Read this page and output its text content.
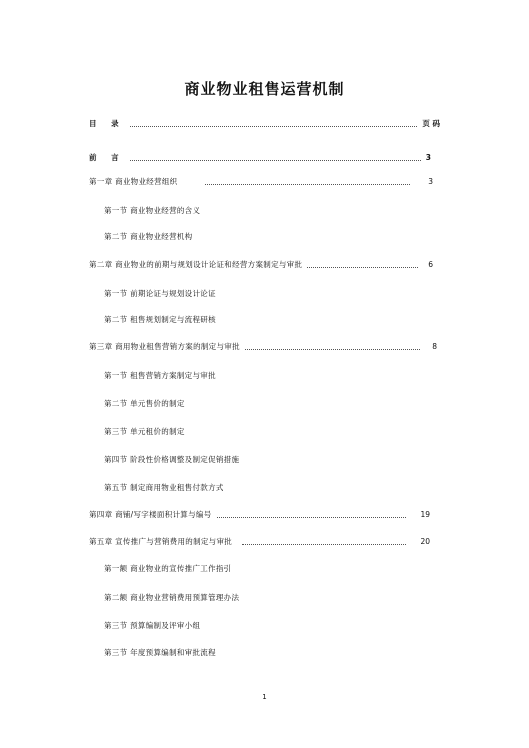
商业物业租售运营机制
目 录	页 码
前 言	3
第一章 商业物业经营组织	3
第一节 商业物业经营的含义
第二节 商业物业经营机构
第二章 商业物业的前期与规划设计论证和经营方案制定与审批	6
第一节 前期论证与规划设计论证
第二节 租售规划制定与流程研核
第三章 商用物业租售营销方案的制定与审批	8
第一节 租售营销方案制定与审批
第二节 单元售价的制定
第三节 单元租价的制定
第四节 阶段性价格调整及制定促销措施
第五节 制定商用物业租售付款方式
第四章 商铺/写字楼面积计算与编号	19
第五章 宣传推广与营销费用的制定与审批	20
第一额 商业物业的宣传推广工作指引
第二额 商业物业营销费用预算管理办法
第三节 预算编制及评审小组
第三节 年度预算编制和审批流程
1
